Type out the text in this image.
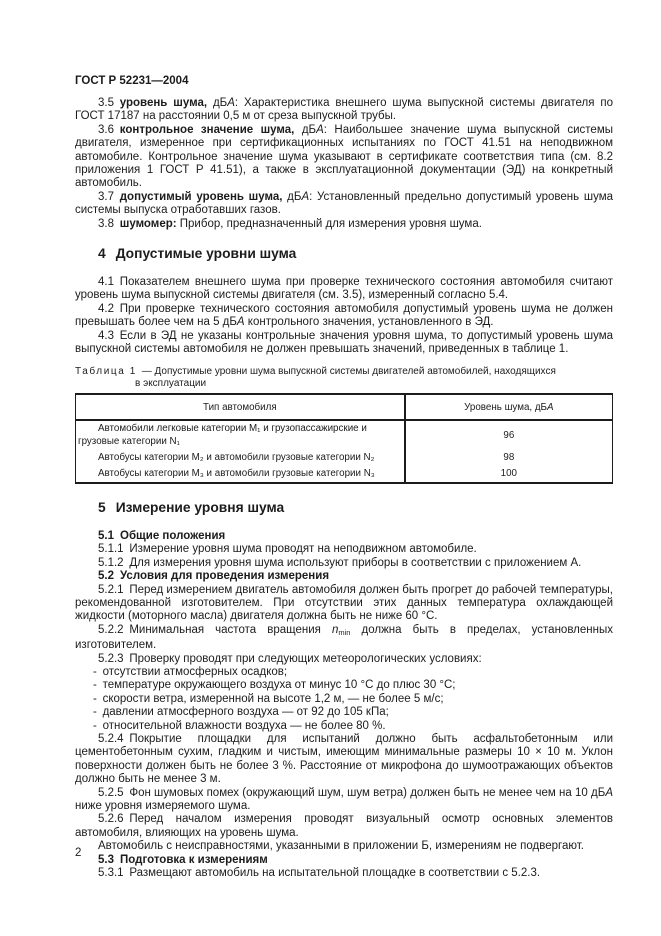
ГОСТ Р 52231—2004
3.5 уровень шума, дБА: Характеристика внешнего шума выпускной системы двигателя по ГОСТ 17187 на расстоянии 0,5 м от среза выпускной трубы.
3.6 контрольное значение шума, дБА: Наибольшее значение шума выпускной системы двигателя, измеренное при сертификационных испытаниях по ГОСТ 41.51 на неподвижном автомобиле. Контрольное значение шума указывают в сертификате соответствия типа (см. 8.2 приложения 1 ГОСТ Р 41.51), а также в эксплуатационной документации (ЭД) на конкретный автомобиль.
3.7 допустимый уровень шума, дБА: Установленный предельно допустимый уровень шума системы выпуска отработавших газов.
3.8 шумомер: Прибор, предназначенный для измерения уровня шума.
4 Допустимые уровни шума
4.1 Показателем внешнего шума при проверке технического состояния автомобиля считают уровень шума выпускной системы двигателя (см. 3.5), измеренный согласно 5.4.
4.2 При проверке технического состояния автомобиля допустимый уровень шума не должен превышать более чем на 5 дБА контрольного значения, установленного в ЭД.
4.3 Если в ЭД не указаны контрольные значения уровня шума, то допустимый уровень шума выпускной системы автомобиля не должен превышать значений, приведенных в таблице 1.
Таблица 1 — Допустимые уровни шума выпускной системы двигателей автомобилей, находящихся
в эксплуатации
Тип автомобиля	Уровень шума, дБА
Автомобили легковые категории M₁ и грузопассажирские и грузовые категории N₁	96
Автобусы категории M₂ и автомобили грузовые категории N₂	98
Автобусы категории M₃ и автомобили грузовые категории N₃	100
5 Измерение уровня шума
5.1 Общие положения
5.1.1 Измерение уровня шума проводят на неподвижном автомобиле.
5.1.2 Для измерения уровня шума используют приборы в соответствии с приложением А.
5.2 Условия для проведения измерения
5.2.1 Перед измерением двигатель автомобиля должен быть прогрет до рабочей температуры, рекомендованной изготовителем. При отсутствии этих данных температура охлаждающей жидкости (моторного масла) двигателя должна быть не ниже 60 °С.
5.2.2 Минимальная частота вращения $n_{min}$ должна быть в пределах, установленных изготовителем.
5.2.3 Проверку проводят при следующих метеорологических условиях:
- отсутствии атмосферных осадков;
- температуре окружающего воздуха от минус 10 °С до плюс 30 °С;
- скорости ветра, измеренной на высоте 1,2 м, — не более 5 м/с;
- давлении атмосферного воздуха — от 92 до 105 кПа;
- относительной влажности воздуха — не более 80 %.
5.2.4 Покрытие площадки для испытаний должно быть асфальтобетонным или цементобетонным сухим, гладким и чистым, имеющим минимальные размеры 10 × 10 м. Уклон поверхности должен быть не более 3 %. Расстояние от микрофона до шумоотражающих объектов должно быть не менее 3 м.
5.2.5 Фон шумовых помех (окружающий шум, шум ветра) должен быть не менее чем на 10 дБА ниже уровня измеряемого шума.
5.2.6 Перед началом измерения проводят визуальный осмотр основных элементов автомобиля, влияющих на уровень шума.
Автомобиль с неисправностями, указанными в приложении Б, измерениям не подвергают.
5.3 Подготовка к измерениям
5.3.1 Размещают автомобиль на испытательной площадке в соответствии с 5.2.3.
2
